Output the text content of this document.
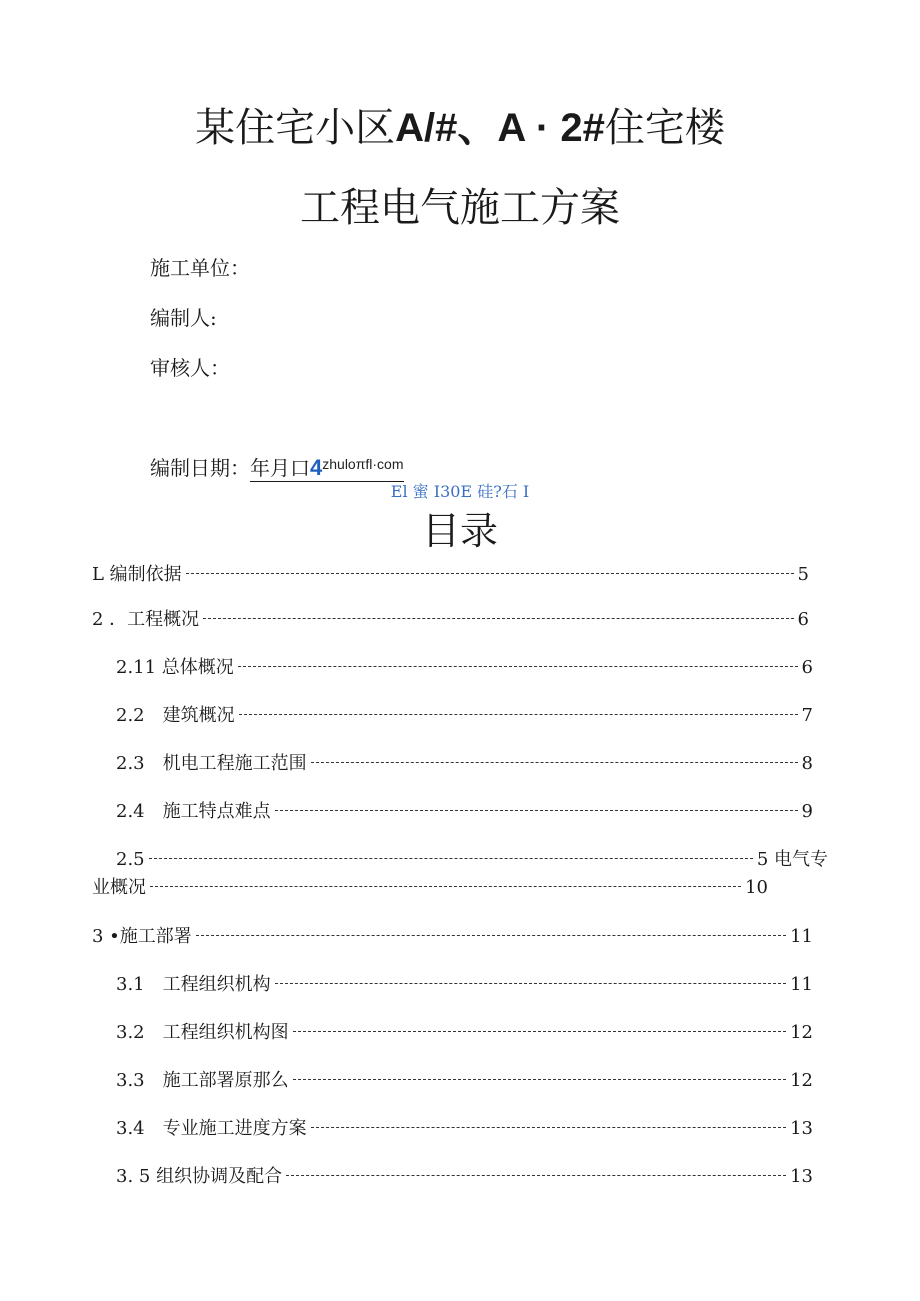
某住宅小区A/#、A · 2#住宅楼
工程电气施工方案
施工单位：
编制人:
审核人：
编制日期：年月口$4^{zhulo\pi fl\cdot com}$
El 蜜 I30E 硅?石 I
目录
L 编制依据	5
2 ．工程概况	6
2.11 总体概况	6
2.2　建筑概况	7
2.3　机电工程施工范围	8
2.4　施工特点难点	9
2.5	5 电气专
业概况	10
3 •施工部署	11
3.1　工程组织机构	11
3.2　工程组织机构图	12
3.3　施工部署原那么	12
3.4　专业施工进度方案	13
3. 5 组织协调及配合	13
